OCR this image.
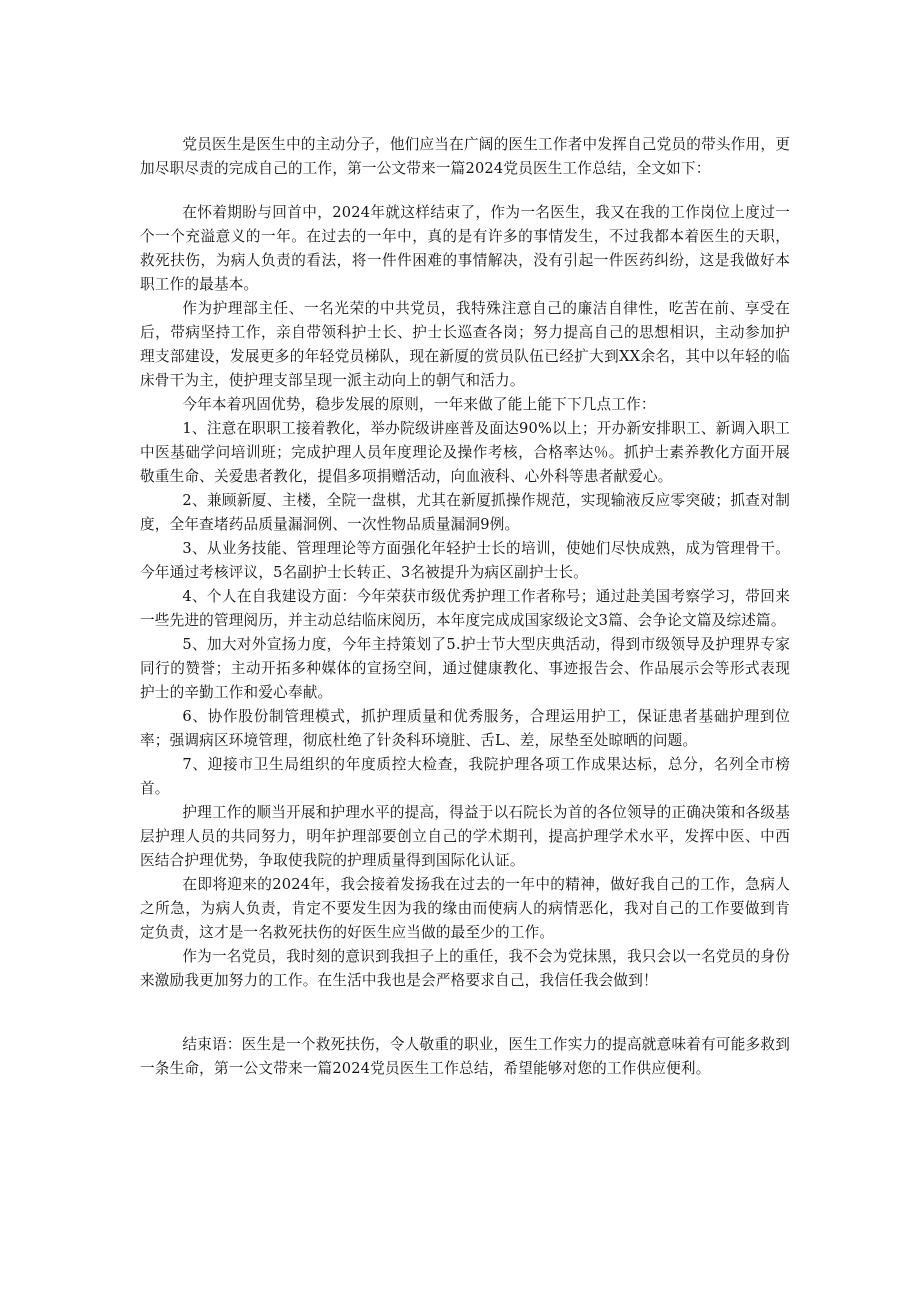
党员医生是医生中的主动分子，他们应当在广阔的医生工作者中发挥自己党员的带头作用，更加尽职尽责的完成自己的工作，第一公文带来一篇2024党员医生工作总结，全文如下：

在怀着期盼与回首中，2024年就这样结束了，作为一名医生，我又在我的工作岗位上度过一个一个充溢意义的一年。在过去的一年中，真的是有许多的事情发生，不过我都本着医生的天职，救死扶伤，为病人负责的看法，将一件件困难的事情解决，没有引起一件医药纠纷，这是我做好本职工作的最基本。

作为护理部主任、一名光荣的中共党员，我特殊注意自己的廉洁自律性，吃苦在前、享受在后，带病坚持工作，亲自带领科护士长、护士长巡查各岗；努力提高自己的思想相识，主动参加护理支部建设，发展更多的年轻党员梯队，现在新厦的赏员队伍已经扩大到XX余名，其中以年轻的临床骨干为主，使护理支部呈现一派主动向上的朝气和活力。

今年本着巩固优势，稳步发展的原则，一年来做了能上能下下几点工作：

1、注意在职职工接着教化，举办院级讲座普及面达90%以上；开办新安排职工、新调入职工中医基础学问培训班；完成护理人员年度理论及操作考核，合格率达％。抓护士素养教化方面开展敬重生命、关爱患者教化，提倡多项捐赠活动，向血液科、心外科等患者献爱心。

2、兼顾新厦、主楼，全院一盘棋，尤其在新厦抓操作规范，实现输液反应零突破；抓查对制度，全年查堵药品质量漏洞例、一次性物品质量漏洞9例。

3、从业务技能、管理理论等方面强化年轻护士长的培训，使她们尽快成熟，成为管理骨干。今年通过考核评议，5名副护士长转正、3名被提升为病区副护士长。

4、个人在自我建设方面：今年荣获市级优秀护理工作者称号；通过赴美国考察学习，带回来一些先进的管理阅历，并主动总结临床阅历，本年度完成成国家级论文3篇、会争论文篇及综述篇。

5、加大对外宣扬力度，今年主持策划了5.护士节大型庆典活动，得到市级领导及护理界专家同行的赞誉；主动开拓多种媒体的宣扬空间，通过健康教化、事迹报告会、作品展示会等形式表现护士的辛勤工作和爱心奉献。

6、协作股份制管理模式，抓护理质量和优秀服务，合理运用护工，保证患者基础护理到位率；强调病区环境管理，彻底杜绝了针灸科环境脏、舌L、差，尿垫至处晾晒的问题。

7、迎接市卫生局组织的年度质控大检查，我院护理各项工作成果达标，总分，名列全市榜首。

护理工作的顺当开展和护理水平的提高，得益于以石院长为首的各位领导的正确决策和各级基层护理人员的共同努力，明年护理部要创立自己的学术期刊，提高护理学术水平，发挥中医、中西医结合护理优势，争取使我院的护理质量得到国际化认证。

在即将迎来的2024年，我会接着发扬我在过去的一年中的精神，做好我自己的工作，急病人之所急，为病人负责，肯定不要发生因为我的缘由而使病人的病情恶化，我对自己的工作要做到肯定负责，这才是一名救死扶伤的好医生应当做的最至少的工作。

作为一名党员，我时刻的意识到我担子上的重任，我不会为党抹黑，我只会以一名党员的身份来激励我更加努力的工作。在生活中我也是会严格要求自己，我信任我会做到！

结束语：医生是一个救死扶伤，令人敬重的职业，医生工作实力的提高就意味着有可能多救到一条生命，第一公文带来一篇2024党员医生工作总结，希望能够对您的工作供应便利。
